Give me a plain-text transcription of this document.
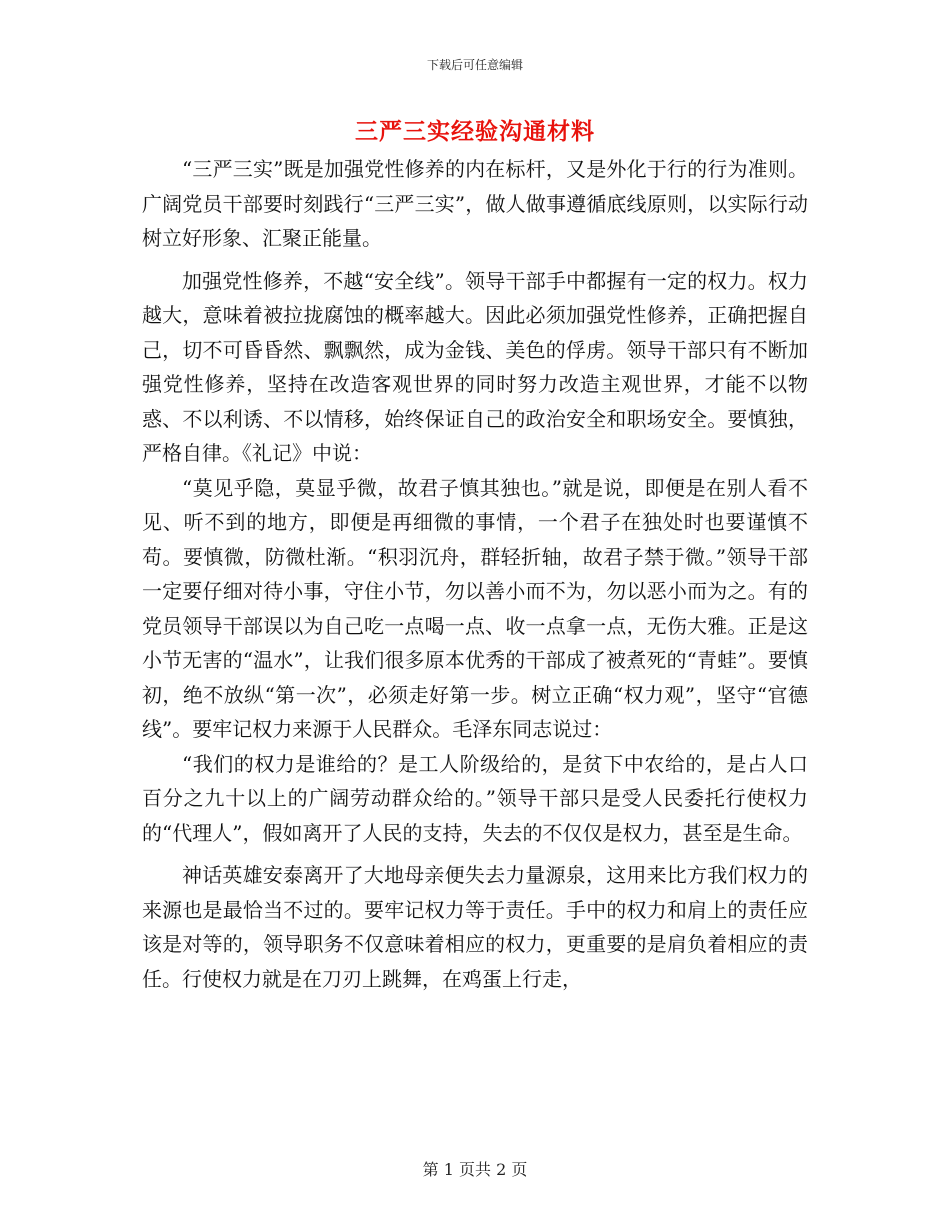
下载后可任意编辑
三严三实经验沟通材料

“三严三实”既是加强党性修养的内在标杆，又是外化于行的行为准则。广阔党员干部要时刻践行“三严三实”，做人做事遵循底线原则，以实际行动树立好形象、汇聚正能量。

加强党性修养，不越“安全线”。领导干部手中都握有一定的权力。权力越大，意味着被拉拢腐蚀的概率越大。因此必须加强党性修养，正确把握自己，切不可昏昏然、飘飘然，成为金钱、美色的俘虏。领导干部只有不断加强党性修养，坚持在改造客观世界的同时努力改造主观世界，才能不以物惑、不以利诱、不以情移，始终保证自己的政治安全和职场安全。要慎独，严格自律。《礼记》中说：

“莫见乎隐，莫显乎微，故君子慎其独也。”就是说，即便是在别人看不见、听不到的地方，即便是再细微的事情，一个君子在独处时也要谨慎不苟。要慎微，防微杜渐。“积羽沉舟，群轻折轴，故君子禁于微。”领导干部一定要仔细对待小事，守住小节，勿以善小而不为，勿以恶小而为之。有的党员领导干部误以为自己吃一点喝一点、收一点拿一点，无伤大雅。正是这小节无害的“温水”，让我们很多原本优秀的干部成了被煮死的“青蛙”。要慎初，绝不放纵“第一次”，必须走好第一步。树立正确“权力观”，坚守“官德线”。要牢记权力来源于人民群众。毛泽东同志说过：

“我们的权力是谁给的？是工人阶级给的，是贫下中农给的，是占人口百分之九十以上的广阔劳动群众给的。”领导干部只是受人民委托行使权力的“代理人”，假如离开了人民的支持，失去的不仅仅是权力，甚至是生命。

神话英雄安泰离开了大地母亲便失去力量源泉，这用来比方我们权力的来源也是最恰当不过的。要牢记权力等于责任。手中的权力和肩上的责任应该是对等的，领导职务不仅意味着相应的权力，更重要的是肩负着相应的责任。行使权力就是在刀刃上跳舞，在鸡蛋上行走，

第 1 页共 2 页
